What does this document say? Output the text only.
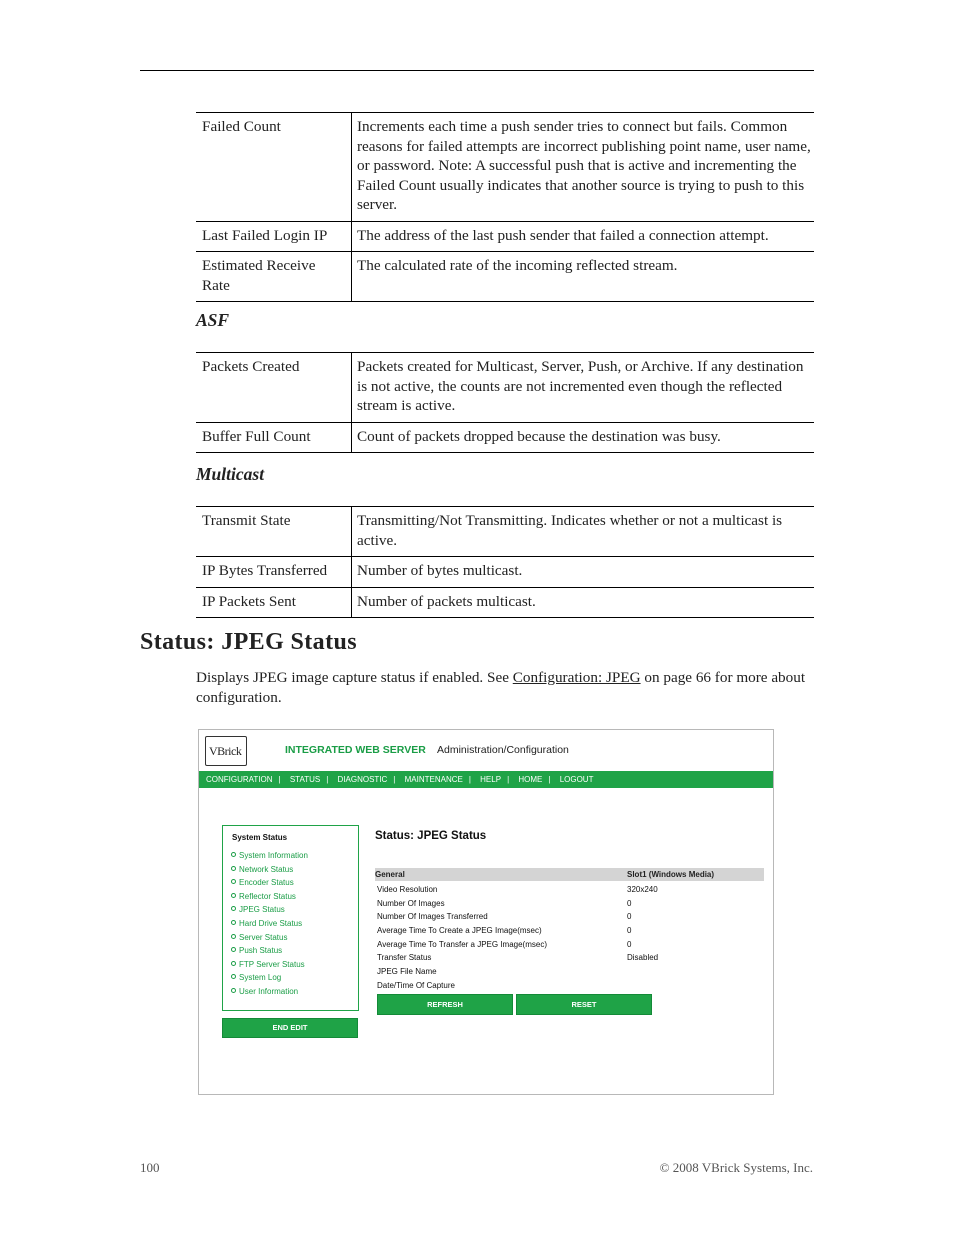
Failed Count	Increments each time a push sender tries to connect but fails. Common reasons for failed attempts are incorrect publishing point name, user name, or password. Note: A successful push that is active and incrementing the Failed Count usually indicates that another source is trying to push to this server.
Last Failed Login IP	The address of the last push sender that failed a connection attempt.
Estimated Receive Rate	The calculated rate of the incoming reflected stream.
ASF
Packets Created	Packets created for Multicast, Server, Push, or Archive. If any destination is not active, the counts are not incremented even though the reflected stream is active.
Buffer Full Count	Count of packets dropped because the destination was busy.
Multicast
Transmit State	Transmitting/Not Transmitting. Indicates whether or not a multicast is active.
IP Bytes Transferred	Number of bytes multicast.
IP Packets Sent	Number of packets multicast.
Status: JPEG Status
Displays JPEG image capture status if enabled. See Configuration: JPEG on page 66 for more about configuration.
VBrick	INTEGRATED WEB SERVER Administration/Configuration
CONFIGURATION | STATUS | DIAGNOSTIC | MAINTENANCE | HELP | HOME | LOGOUT
System Status
System Information
Network Status
Encoder Status
Reflector Status
JPEG Status
Hard Drive Status
Server Status
Push Status
FTP Server Status
System Log
User Information
END EDIT
Status: JPEG Status
General	Slot1 (Windows Media)
Video Resolution	320x240
Number Of Images	0
Number Of Images Transferred	0
Average Time To Create a JPEG Image(msec)	0
Average Time To Transfer a JPEG Image(msec)	0
Transfer Status	Disabled
JPEG File Name
Date/Time Of Capture
REFRESH	RESET
100	© 2008 VBrick Systems, Inc.
